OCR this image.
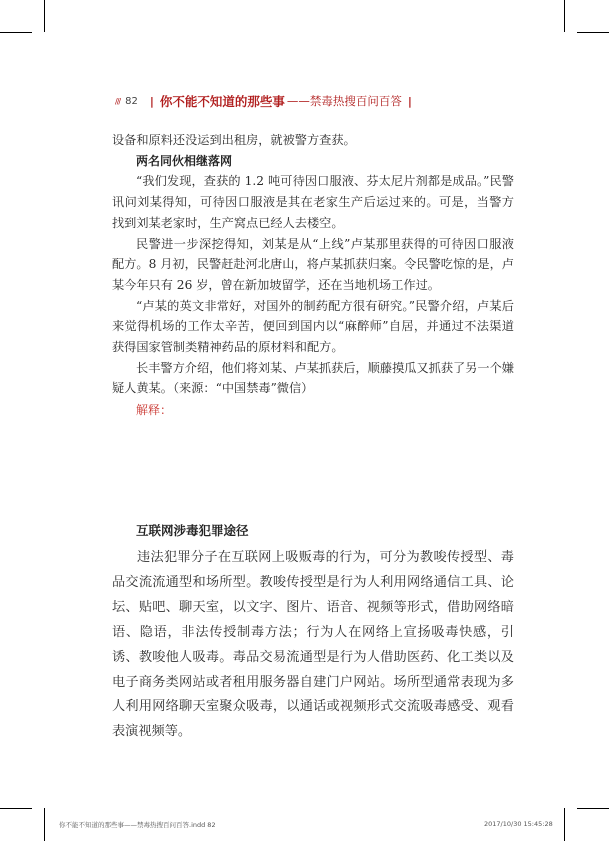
/// 82 | 你不能不知道的那些事 ——禁毒热搜百问百答 |

设备和原料还没运到出租房，就被警方查获。

两名同伙相继落网

“我们发现，查获的 1.2 吨可待因口服液、芬太尼片剂都是成品。”民警讯问刘某得知，可待因口服液是其在老家生产后运过来的。可是，当警方找到刘某老家时，生产窝点已经人去楼空。

民警进一步深挖得知，刘某是从“上线”卢某那里获得的可待因口服液配方。8 月初，民警赶赴河北唐山，将卢某抓获归案。令民警吃惊的是，卢某今年只有 26 岁，曾在新加坡留学，还在当地机场工作过。

“卢某的英文非常好，对国外的制药配方很有研究。”民警介绍，卢某后来觉得机场的工作太辛苦，便回到国内以“麻醉师”自居，并通过不法渠道获得国家管制类精神药品的原材料和配方。

长丰警方介绍，他们将刘某、卢某抓获后，顺藤摸瓜又抓获了另一个嫌疑人黄某。（来源：“中国禁毒”微信）

解释：

互联网涉毒犯罪途径

违法犯罪分子在互联网上吸贩毒的行为，可分为教唆传授型、毒品交流流通型和场所型。教唆传授型是行为人利用网络通信工具、论坛、贴吧、聊天室，以文字、图片、语音、视频等形式，借助网络暗语、隐语，非法传授制毒方法；行为人在网络上宣扬吸毒快感，引诱、教唆他人吸毒。毒品交易流通型是行为人借助医药、化工类以及电子商务类网站或者租用服务器自建门户网站。场所型通常表现为多人利用网络聊天室聚众吸毒，以通话或视频形式交流吸毒感受、观看表演视频等。

你不能不知道的那些事——禁毒热搜百问百答.indd 82	2017/10/30 15:45:28
